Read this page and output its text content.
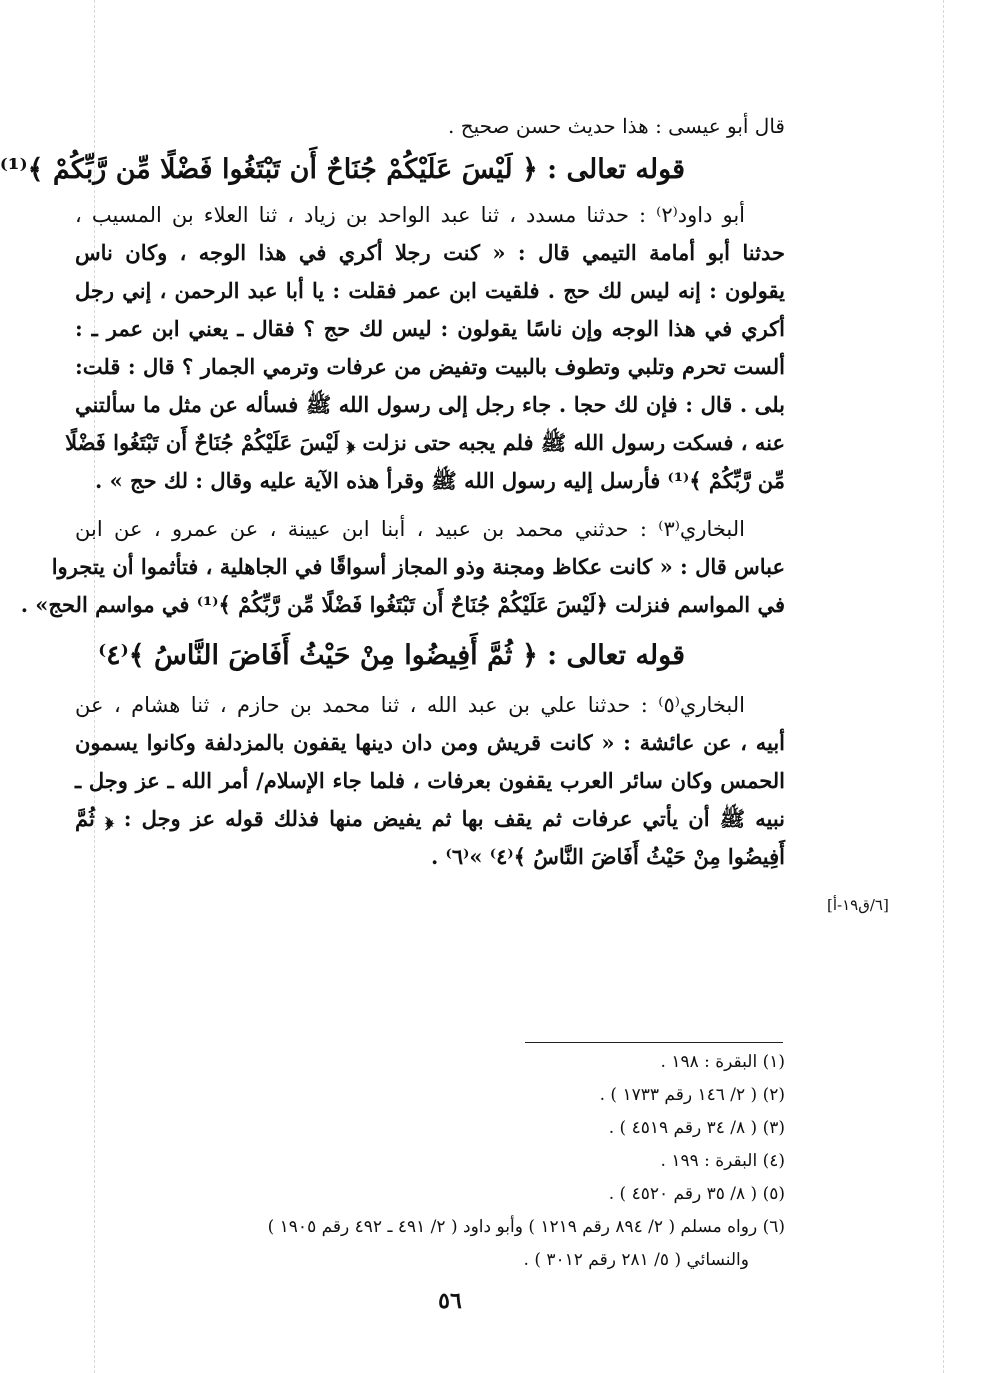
قال أبو عيسى : هذا حديث حسن صحيح .
قوله تعالى : ﴿ لَيْسَ عَلَيْكُمْ جُنَاحٌ أَن تَبْتَغُوا فَضْلًا مِّن رَّبِّكُمْ ﴾⁽¹⁾
أبو داود⁽٢⁾ : حدثنا مسدد ، ثنا عبد الواحد بن زياد ، ثنا العلاء بن المسيب ،
حدثنا أبو أمامة التيمي قال : « كنت رجلا أكري في هذا الوجه ، وكان ناس
يقولون : إنه ليس لك حج . فلقيت ابن عمر فقلت : يا أبا عبد الرحمن ، إني رجل
أكري في هذا الوجه وإن ناسًا يقولون : ليس لك حج ؟ فقال ـ يعني ابن عمر ـ :
ألست تحرم وتلبي وتطوف بالبيت وتفيض من عرفات وترمي الجمار ؟ قال : قلت:
بلى . قال : فإن لك حجا . جاء رجل إلى رسول الله ﷺ فسأله عن مثل ما سألتني
عنه ، فسكت رسول الله ﷺ فلم يجبه حتى نزلت ﴿ لَيْسَ عَلَيْكُمْ جُنَاحٌ أَن تَبْتَغُوا فَضْلًا
مِّن رَّبِّكُمْ ﴾⁽¹⁾ فأرسل إليه رسول الله ﷺ وقرأ هذه الآية عليه وقال : لك حج » .
البخاري⁽٣⁾ : حدثني محمد بن عبيد ، أبنا ابن عيينة ، عن عمرو ، عن ابن
عباس قال : « كانت عكاظ ومجنة وذو المجاز أسواقًا في الجاهلية ، فتأثموا أن يتجروا
في المواسم فنزلت ﴿لَيْسَ عَلَيْكُمْ جُنَاحٌ أَن تَبْتَغُوا فَضْلًا مِّن رَّبِّكُمْ ﴾⁽¹⁾ في مواسم الحج» .
قوله تعالى : ﴿ ثُمَّ أَفِيضُوا مِنْ حَيْثُ أَفَاضَ النَّاسُ ﴾⁽٤⁾
البخاري⁽٥⁾ : حدثنا علي بن عبد الله ، ثنا محمد بن حازم ، ثنا هشام ، عن
أبيه ، عن عائشة : « كانت قريش ومن دان دينها يقفون بالمزدلفة وكانوا يسمون
الحمس وكان سائر العرب يقفون بعرفات ، فلما جاء الإسلام/ أمر الله ـ عز وجل ـ
نبيه ﷺ أن يأتي عرفات ثم يقف بها ثم يفيض منها فذلك قوله عز وجل : ﴿ ثُمَّ
أَفِيضُوا مِنْ حَيْثُ أَفَاضَ النَّاسُ ﴾⁽٤⁾ »⁽٦⁾ .
[٦/ق١٩-أ]
(١) البقرة : ١٩٨ .
(٢) ( ٢/ ١٤٦ رقم ١٧٣٣ ) .
(٣) ( ٨/ ٣٤ رقم ٤٥١٩ ) .
(٤) البقرة : ١٩٩ .
(٥) ( ٨/ ٣٥ رقم ٤٥٢٠ ) .
(٦) رواه مسلم ( ٢/ ٨٩٤ رقم ١٢١٩ ) وأبو داود ( ٢/ ٤٩١ ـ ٤٩٢ رقم ١٩٠٥ )
والنسائي ( ٥/ ٢٨١ رقم ٣٠١٢ ) .
٥٦
